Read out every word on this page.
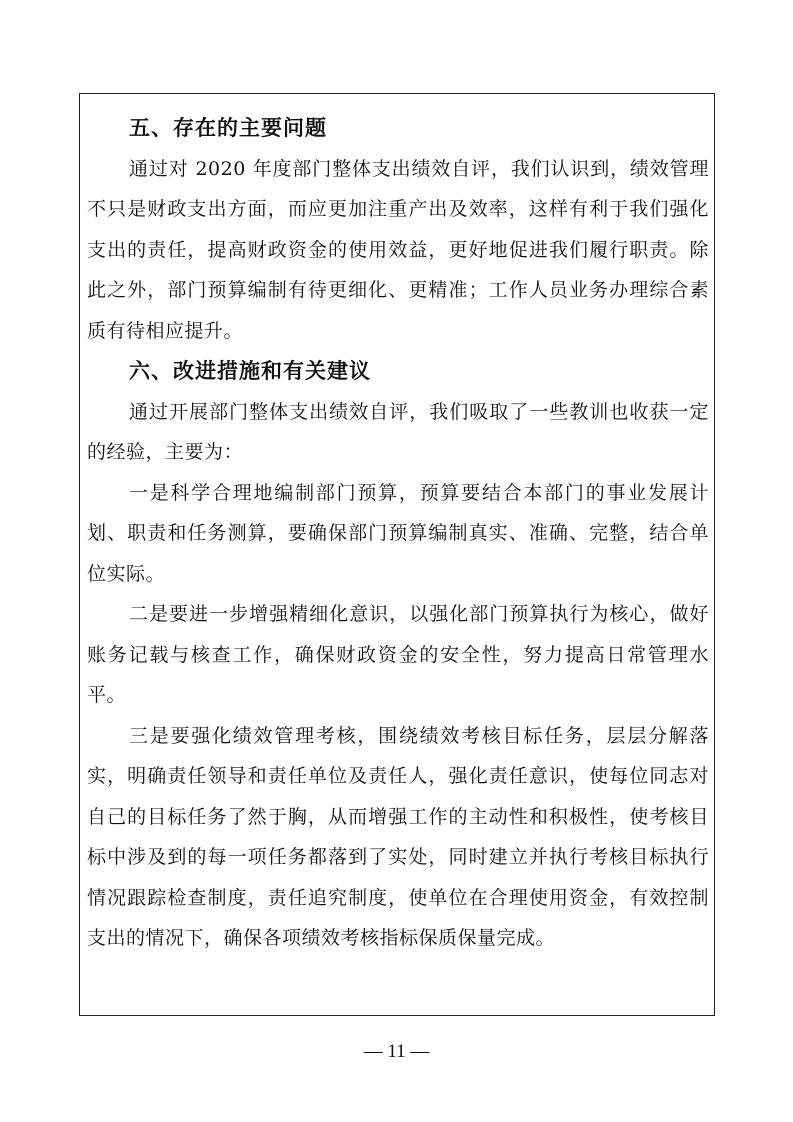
五、存在的主要问题

通过对 2020 年度部门整体支出绩效自评，我们认识到，绩效管理不只是财政支出方面，而应更加注重产出及效率，这样有利于我们强化支出的责任，提高财政资金的使用效益，更好地促进我们履行职责。除此之外，部门预算编制有待更细化、更精准；工作人员业务办理综合素质有待相应提升。

六、改进措施和有关建议

通过开展部门整体支出绩效自评，我们吸取了一些教训也收获一定的经验，主要为：

一是科学合理地编制部门预算，预算要结合本部门的事业发展计划、职责和任务测算，要确保部门预算编制真实、准确、完整，结合单位实际。

二是要进一步增强精细化意识，以强化部门预算执行为核心，做好账务记载与核查工作，确保财政资金的安全性，努力提高日常管理水平。

三是要强化绩效管理考核，围绕绩效考核目标任务，层层分解落实，明确责任领导和责任单位及责任人，强化责任意识，使每位同志对自己的目标任务了然于胸，从而增强工作的主动性和积极性，使考核目标中涉及到的每一项任务都落到了实处，同时建立并执行考核目标执行情况跟踪检查制度，责任追究制度，使单位在合理使用资金，有效控制支出的情况下，确保各项绩效考核指标保质保量完成。

— 11 —
